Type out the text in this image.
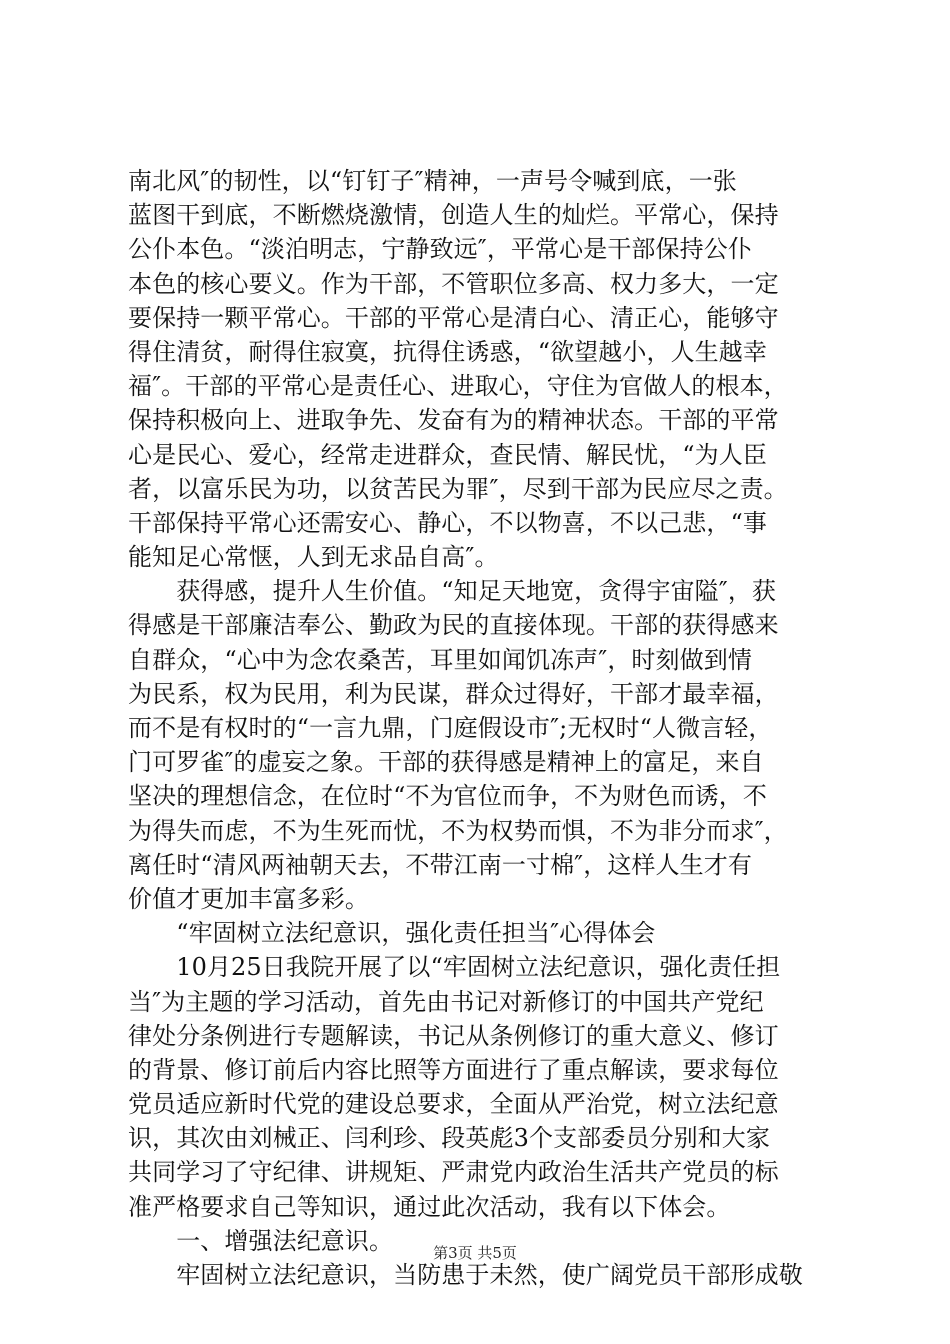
南北风″的韧性，以“钉钉子″精神，一声号令喊到底，一张
蓝图干到底，不断燃烧激情，创造人生的灿烂。平常心，保持
公仆本色。“淡泊明志，宁静致远″，平常心是干部保持公仆
本色的核心要义。作为干部，不管职位多高、权力多大，一定
要保持一颗平常心。干部的平常心是清白心、清正心，能够守
得住清贫，耐得住寂寞，抗得住诱惑，“欲望越小，人生越幸
福″。干部的平常心是责任心、进取心，守住为官做人的根本，
保持积极向上、进取争先、发奋有为的精神状态。干部的平常
心是民心、爱心，经常走进群众，查民情、解民忧，“为人臣
者，以富乐民为功，以贫苦民为罪″，尽到干部为民应尽之责。
干部保持平常心还需安心、静心，不以物喜，不以己悲，“事
能知足心常惬，人到无求品自高″。
　　获得感，提升人生价值。“知足天地宽，贪得宇宙隘″，获
得感是干部廉洁奉公、勤政为民的直接体现。干部的获得感来
自群众，“心中为念农桑苦，耳里如闻饥冻声″，时刻做到情
为民系，权为民用，利为民谋，群众过得好，干部才最幸福，
而不是有权时的“一言九鼎，门庭假设市″;无权时“人微言轻，
门可罗雀″的虚妄之象。干部的获得感是精神上的富足，来自
坚决的理想信念，在位时“不为官位而争，不为财色而诱，不
为得失而虑，不为生死而忧，不为权势而惧，不为非分而求″，
离任时“清风两袖朝天去，不带江南一寸棉″，这样人生才有
价值才更加丰富多彩。
　　“牢固树立法纪意识，强化责任担当″心得体会
　　10月25日我院开展了以“牢固树立法纪意识，强化责任担
当″为主题的学习活动，首先由书记对新修订的中国共产党纪
律处分条例进行专题解读，书记从条例修订的重大意义、修订
的背景、修订前后内容比照等方面进行了重点解读，要求每位
党员适应新时代党的建设总要求，全面从严治党，树立法纪意
识，其次由刘械正、闫利珍、段英彪3个支部委员分别和大家
共同学习了守纪律、讲规矩、严肃党内政治生活共产党员的标
准严格要求自己等知识，通过此次活动，我有以下体会。
　　一、增强法纪意识。
　　牢固树立法纪意识，当防患于未然，使广阔党员干部形成敬
第3页 共5页
